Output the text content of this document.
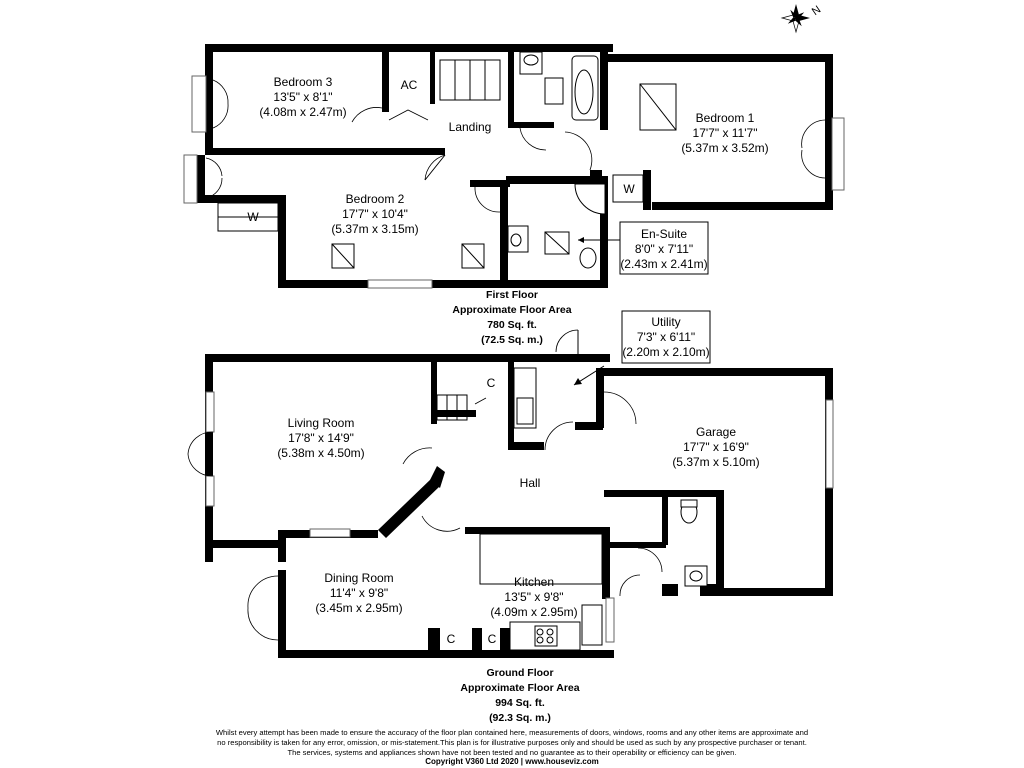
N
Bedroom 3
13'5" x 8'1"
(4.08m x 2.47m)
AC
Landing
Bedroom 1
17'7" x 11'7"
(5.37m x 3.52m)
W
Bedroom 2
17'7" x 10'4"
(5.37m x 3.15m)
W
En-Suite
8'0" x 7'11"
(2.43m x 2.41m)
First Floor
Approximate Floor Area
780 Sq. ft.
(72.5 Sq. m.)
Utility
7'3" x 6'11"
(2.20m x 2.10m)
Living Room
17'8" x 14'9"
(5.38m x 4.50m)
C
Hall
Garage
17'7" x 16'9"
(5.37m x 5.10m)
Dining Room
11'4" x 9'8"
(3.45m x 2.95m)
Kitchen
13'5" x 9'8"
(4.09m x 2.95m)
C	C
Ground Floor
Approximate Floor Area
994 Sq. ft.
(92.3 Sq. m.)
Whilst every attempt has been made to ensure the accuracy of the floor plan contained here, measurements of doors, windows, rooms and any other items are approximate and
no responsibility is taken for any error, omission, or mis-statement.This plan is for illustrative purposes only and should be used as such by any prospective purchaser or tenant.
The services, systems and appliances shown have not been tested and no guarantee as to their operability or efficiency can be given.
Copyright V360 Ltd 2020 | www.houseviz.com
